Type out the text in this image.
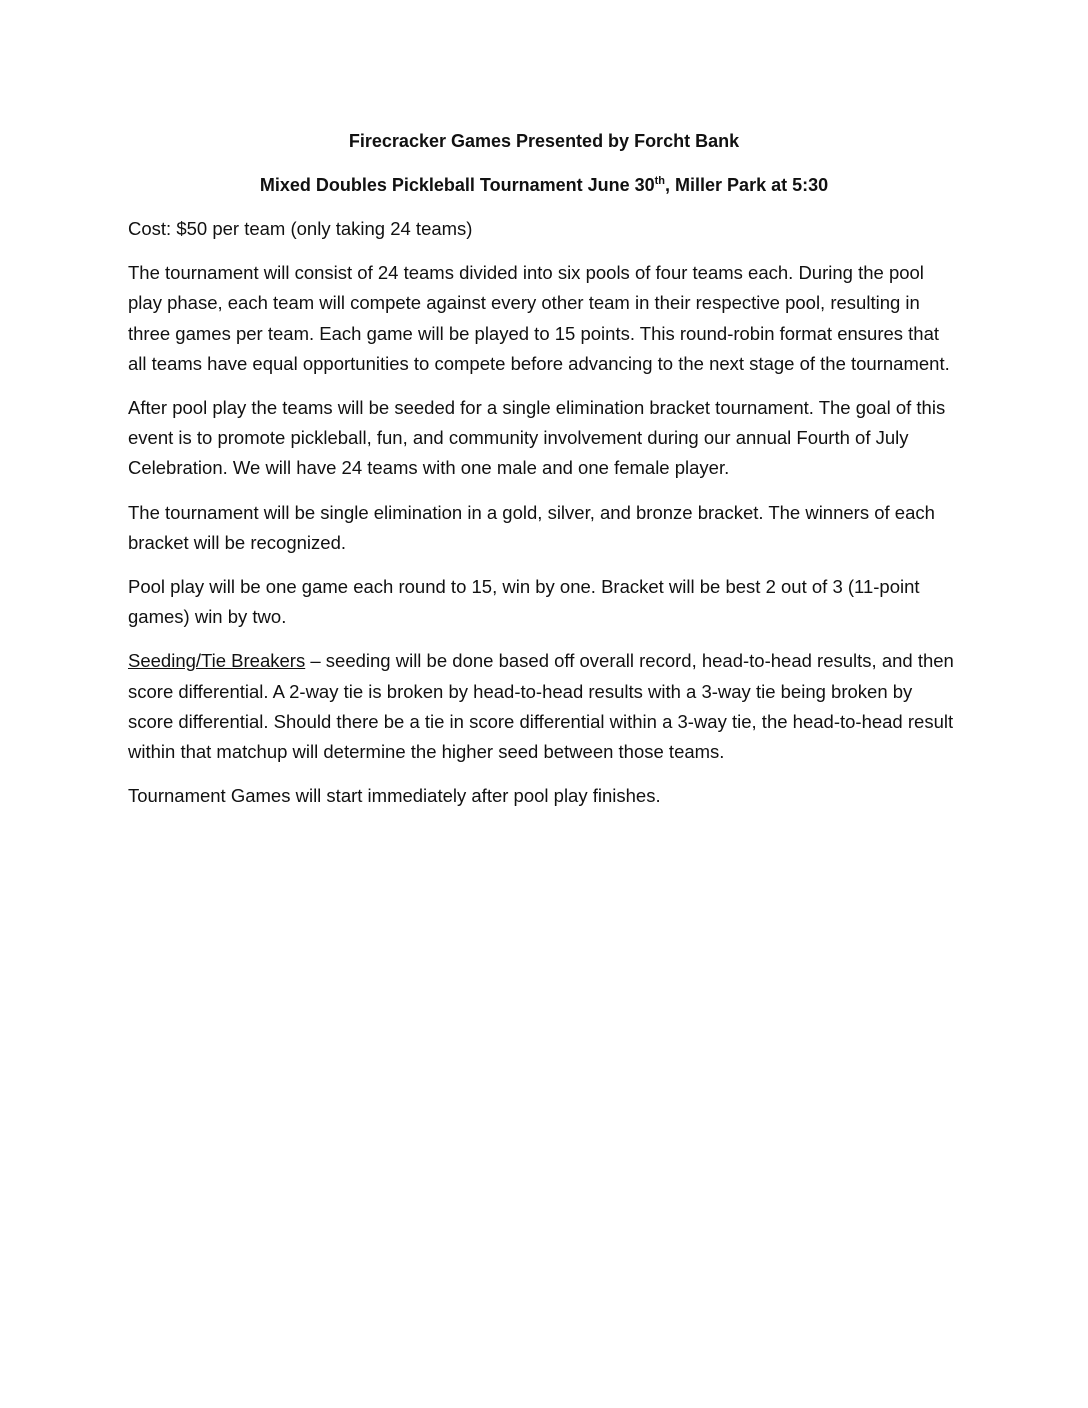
Firecracker Games Presented by Forcht Bank
Mixed Doubles Pickleball Tournament June 30th, Miller Park at 5:30

Cost: $50 per team (only taking 24 teams)

The tournament will consist of 24 teams divided into six pools of four teams each. During the pool play phase, each team will compete against every other team in their respective pool, resulting in three games per team. Each game will be played to 15 points. This round-robin format ensures that all teams have equal opportunities to compete before advancing to the next stage of the tournament.

After pool play the teams will be seeded for a single elimination bracket tournament. The goal of this event is to promote pickleball, fun, and community involvement during our annual Fourth of July Celebration. We will have 24 teams with one male and one female player.

The tournament will be single elimination in a gold, silver, and bronze bracket. The winners of each bracket will be recognized.

Pool play will be one game each round to 15, win by one. Bracket will be best 2 out of 3 (11-point games) win by two.

Seeding/Tie Breakers – seeding will be done based off overall record, head-to-head results, and then score differential. A 2-way tie is broken by head-to-head results with a 3-way tie being broken by score differential. Should there be a tie in score differential within a 3-way tie, the head-to-head result within that matchup will determine the higher seed between those teams.

Tournament Games will start immediately after pool play finishes.
